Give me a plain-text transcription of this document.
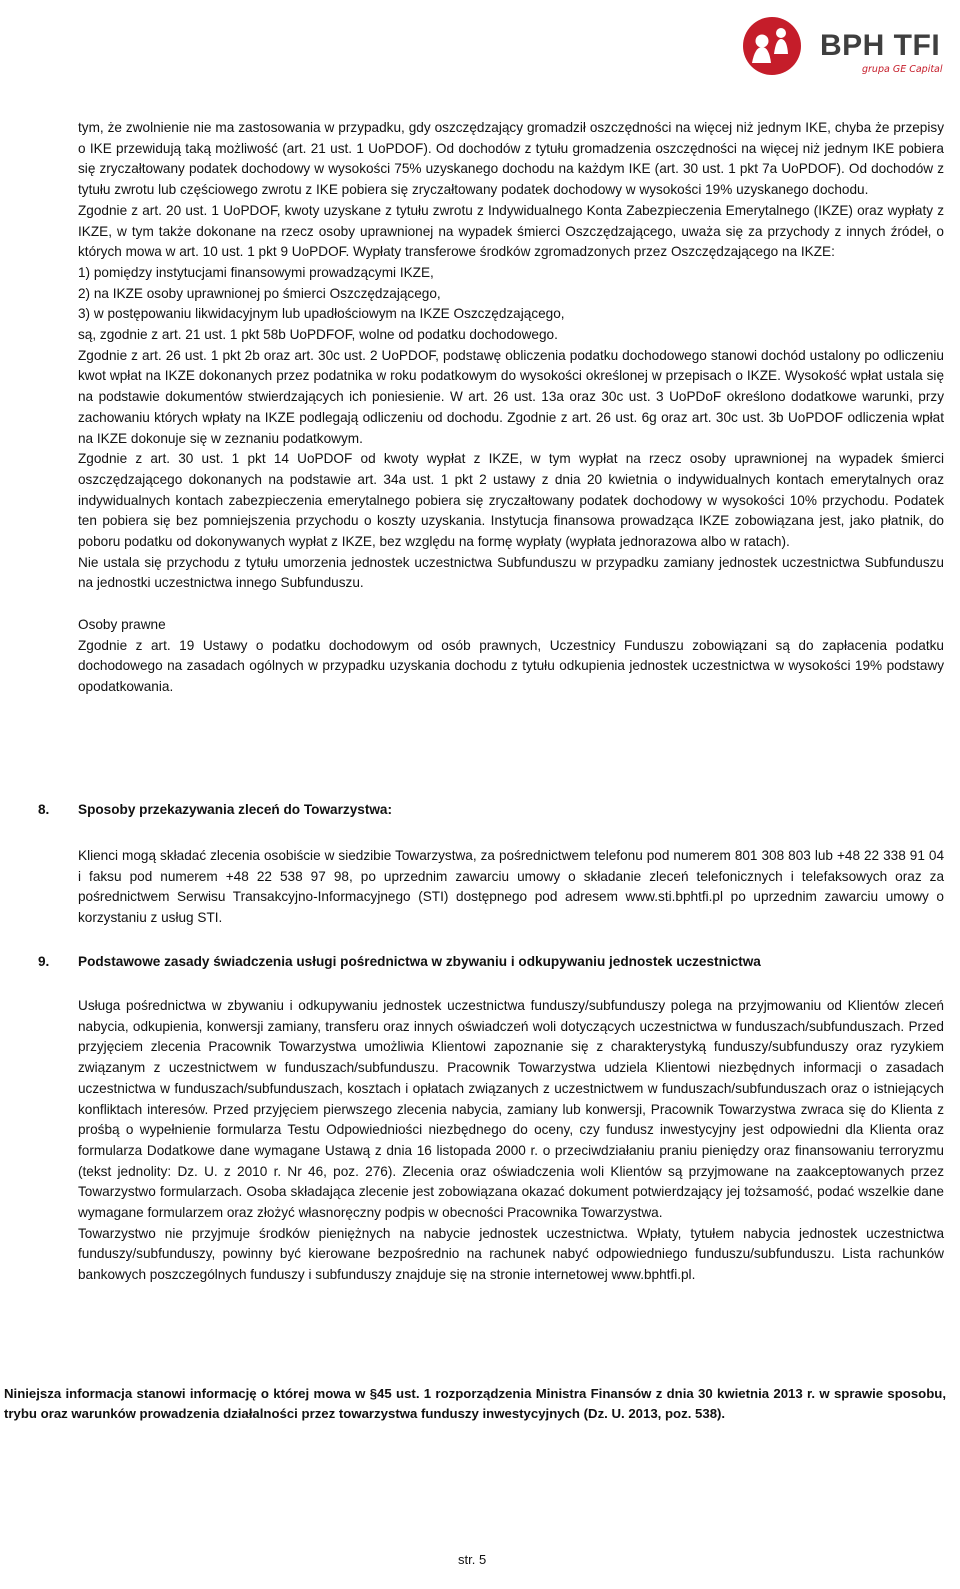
BPH TFI
grupa GE Capital

tym, że zwolnienie nie ma zastosowania w przypadku, gdy oszczędzający gromadził oszczędności na więcej niż jednym IKE, chyba że przepisy o IKE przewidują taką możliwość (art. 21 ust. 1 UoPDOF). Od dochodów z tytułu gromadzenia oszczędności na więcej niż jednym IKE pobiera się zryczałtowany podatek dochodowy w wysokości 75% uzyskanego dochodu na każdym IKE (art. 30 ust. 1 pkt 7a UoPDOF). Od dochodów z tytułu zwrotu lub częściowego zwrotu z IKE pobiera się zryczałtowany podatek dochodowy w wysokości 19% uzyskanego dochodu.

Zgodnie z art. 20 ust. 1 UoPDOF, kwoty uzyskane z tytułu zwrotu z Indywidualnego Konta Zabezpieczenia Emerytalnego (IKZE) oraz wypłaty z IKZE, w tym także dokonane na rzecz osoby uprawnionej na wypadek śmierci Oszczędzającego, uważa się za przychody z innych źródeł, o których mowa w art. 10 ust. 1 pkt 9 UoPDOF. Wypłaty transferowe środków zgromadzonych przez Oszczędzającego na IKZE:

1) pomiędzy instytucjami finansowymi prowadzącymi IKZE,

2) na IKZE osoby uprawnionej po śmierci Oszczędzającego,

3) w postępowaniu likwidacyjnym lub upadłościowym na IKZE Oszczędzającego,

są, zgodnie z art. 21 ust. 1 pkt 58b UoPDFOF, wolne od podatku dochodowego.

Zgodnie z art. 26 ust. 1 pkt 2b oraz art. 30c ust. 2 UoPDOF, podstawę obliczenia podatku dochodowego stanowi dochód ustalony po odliczeniu kwot wpłat na IKZE dokonanych przez podatnika w roku podatkowym do wysokości określonej w przepisach o IKZE. Wysokość wpłat ustala się na podstawie dokumentów stwierdzających ich poniesienie. W art. 26 ust. 13a oraz 30c ust. 3 UoPDoF określono dodatkowe warunki, przy zachowaniu których wpłaty na IKZE podlegają odliczeniu od dochodu. Zgodnie z art. 26 ust. 6g oraz art. 30c ust. 3b UoPDOF odliczenia wpłat na IKZE dokonuje się w zeznaniu podatkowym.

Zgodnie z art. 30 ust. 1 pkt 14 UoPDOF od kwoty wypłat z IKZE, w tym wypłat na rzecz osoby uprawnionej na wypadek śmierci oszczędzającego dokonanych na podstawie art. 34a ust. 1 pkt 2 ustawy z dnia 20 kwietnia o indywidualnych kontach emerytalnych oraz indywidualnych kontach zabezpieczenia emerytalnego pobiera się zryczałtowany podatek dochodowy w wysokości 10% przychodu. Podatek ten pobiera się bez pomniejszenia przychodu o koszty uzyskania. Instytucja finansowa prowadząca IKZE zobowiązana jest, jako płatnik, do poboru podatku od dokonywanych wypłat z IKZE, bez względu na formę wypłaty (wypłata jednorazowa albo w ratach).

Nie ustala się przychodu z tytułu umorzenia jednostek uczestnictwa Subfunduszu w przypadku zamiany jednostek uczestnictwa Subfunduszu na jednostki uczestnictwa innego Subfunduszu.

Osoby prawne

Zgodnie z art. 19 Ustawy o podatku dochodowym od osób prawnych, Uczestnicy Funduszu zobowiązani są do zapłacenia podatku dochodowego na zasadach ogólnych w przypadku uzyskania dochodu z tytułu odkupienia jednostek uczestnictwa w wysokości 19% podstawy opodatkowania.

8. Sposoby przekazywania zleceń do Towarzystwa:

Klienci mogą składać zlecenia osobiście w siedzibie Towarzystwa, za pośrednictwem telefonu pod numerem 801 308 803 lub +48 22 338 91 04 i faksu pod numerem +48 22 538 97 98, po uprzednim zawarciu umowy o składanie zleceń telefonicznych i telefaksowych oraz za pośrednictwem Serwisu Transakcyjno-Informacyjnego (STI) dostępnego pod adresem www.sti.bphtfi.pl po uprzednim zawarciu umowy o korzystaniu z usług STI.

9. Podstawowe zasady świadczenia usługi pośrednictwa w zbywaniu i odkupywaniu jednostek uczestnictwa

Usługa pośrednictwa w zbywaniu i odkupywaniu jednostek uczestnictwa funduszy/subfunduszy polega na przyjmowaniu od Klientów zleceń nabycia, odkupienia, konwersji zamiany, transferu oraz innych oświadczeń woli dotyczących uczestnictwa w funduszach/subfunduszach. Przed przyjęciem zlecenia Pracownik Towarzystwa umożliwia Klientowi zapoznanie się z charakterystyką funduszy/subfunduszy oraz ryzykiem związanym z uczestnictwem w funduszach/subfunduszu. Pracownik Towarzystwa udziela Klientowi niezbędnych informacji o zasadach uczestnictwa w funduszach/subfunduszach, kosztach i opłatach związanych z uczestnictwem w funduszach/subfunduszach oraz o istniejących konfliktach interesów. Przed przyjęciem pierwszego zlecenia nabycia, zamiany lub konwersji, Pracownik Towarzystwa zwraca się do Klienta z prośbą o wypełnienie formularza Testu Odpowiedniości niezbędnego do oceny, czy fundusz inwestycyjny jest odpowiedni dla Klienta oraz formularza Dodatkowe dane wymagane Ustawą z dnia 16 listopada 2000 r. o przeciwdziałaniu praniu pieniędzy oraz finansowaniu terroryzmu (tekst jednolity: Dz. U. z 2010 r. Nr 46, poz. 276). Zlecenia oraz oświadczenia woli Klientów są przyjmowane na zaakceptowanych przez Towarzystwo formularzach. Osoba składająca zlecenie jest zobowiązana okazać dokument potwierdzający jej tożsamość, podać wszelkie dane wymagane formularzem oraz złożyć własnoręczny podpis w obecności Pracownika Towarzystwa.

Towarzystwo nie przyjmuje środków pieniężnych na nabycie jednostek uczestnictwa. Wpłaty, tytułem nabycia jednostek uczestnictwa funduszy/subfunduszy, powinny być kierowane bezpośrednio na rachunek nabyć odpowiedniego funduszu/subfunduszu. Lista rachunków bankowych poszczególnych funduszy i subfunduszy znajduje się na stronie internetowej www.bphtfi.pl.

Niniejsza informacja stanowi informację o której mowa w §45 ust. 1 rozporządzenia Ministra Finansów z dnia 30 kwietnia 2013 r. w sprawie sposobu, trybu oraz warunków prowadzenia działalności przez towarzystwa funduszy inwestycyjnych (Dz. U. 2013, poz. 538).
str. 5
